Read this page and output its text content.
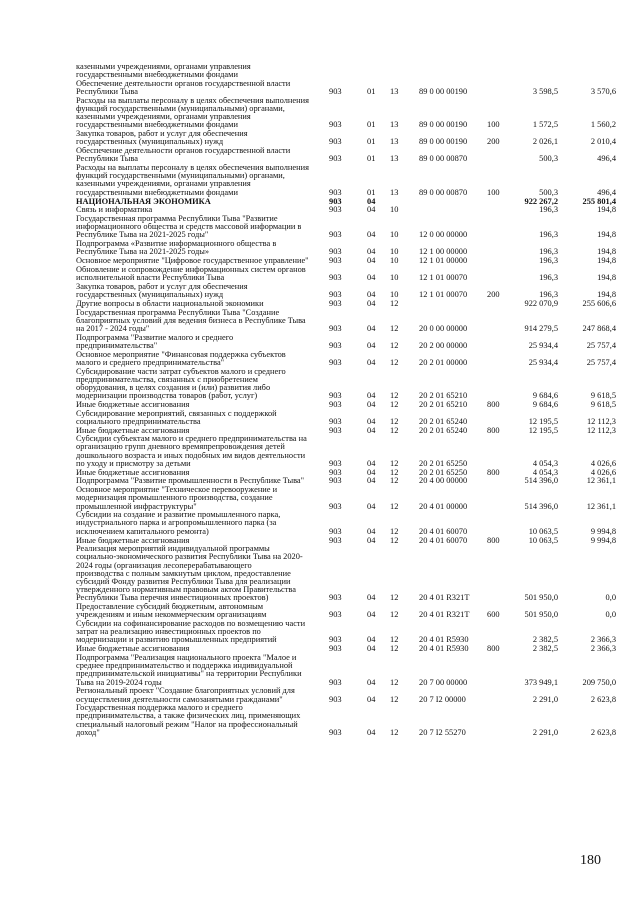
казенными учреждениями, органами управления
государственными внебюджетными фондами
Обеспечение деятельности органов государственной власти
Республики Тыва	903	01 13 89 0 00 00190	3 598,5	3 570,6
Расходы на выплаты персоналу в целях обеспечения выполнения
функций государственными (муниципальными) органами,
казенными учреждениями, органами управления
государственными внебюджетными фондами	903	01 13 89 0 00 00190 100	1 572,5	1 560,2
Закупка товаров, работ и услуг для обеспечения
государственных (муниципальных) нужд	903	01 13 89 0 00 00190 200	2 026,1	2 010,4
Обеспечение деятельности органов государственной власти
Республики Тыва	903	01 13 89 0 00 00870	500,3	496,4
Расходы на выплаты персоналу в целях обеспечения выполнения
функций государственными (муниципальными) органами,
казенными учреждениями, органами управления
государственными внебюджетными фондами	903	01 13 89 0 00 00870 100	500,3	496,4
НАЦИОНАЛЬНАЯ ЭКОНОМИКА	903	04	922 267,2	255 801,4
Связь и информатика	903	04 10	196,3	194,8
Государственная программа Республики Тыва "Развитие
информационного общества и средств массовой информации в
Республике Тыва на 2021-2025 годы"	903	04 10 12 0 00 00000	196,3	194,8
Подпрограмма «Развитие информационного общества в
Республике Тыва на 2021-2025 годы»	903	04 10 12 1 00 00000	196,3	194,8
Основное мероприятие "Цифровое государственное управление"	903	04 10 12 1 01 00000	196,3	194,8
Обновление и сопровождение информационных систем органов
исполнительной власти Республики Тыва	903	04 10 12 1 01 00070	196,3	194,8
Закупка товаров, работ и услуг для обеспечения
государственных (муниципальных) нужд	903	04 10 12 1 01 00070 200	196,3	194,8
Другие вопросы в области национальной экономики	903	04 12	922 070,9	255 606,6
Государственная программа Республики Тыва "Создание
благоприятных условий для ведения бизнеса в Республике Тыва
на 2017 - 2024 годы"	903	04 12 20 0 00 00000	914 279,5	247 868,4
Подпрограмма "Развитие малого и среднего
предпринимательства"	903	04 12 20 2 00 00000	25 934,4	25 757,4
Основное мероприятие "Финансовая поддержка субъектов
малого и среднего предпринимательства"	903	04 12 20 2 01 00000	25 934,4	25 757,4
Субсидирование части затрат субъектов малого и среднего
предпринимательства, связанных с приобретением
оборудования, в целях создания и (или) развития либо
модернизации производства товаров (работ, услуг)	903	04 12 20 2 01 65210	9 684,6	9 618,5
Иные бюджетные ассигнования	903	04 12 20 2 01 65210 800	9 684,6	9 618,5
Субсидирование мероприятий, связанных с поддержкой
социального предпринимательства	903	04 12 20 2 01 65240	12 195,5	12 112,3
Иные бюджетные ассигнования	903	04 12 20 2 01 65240 800	12 195,5	12 112,3
Субсидии субъектам малого и среднего предпринимательства на
организацию групп дневного времяпрепровождения детей
дошкольного возраста и иных подобных им видов деятельности
по уходу и присмотру за детьми	903	04 12 20 2 01 65250	4 054,3	4 026,6
Иные бюджетные ассигнования	903	04 12 20 2 01 65250 800	4 054,3	4 026,6
Подпрограмма "Развитие промышленности в Республике Тыва"	903	04 12 20 4 00 00000	514 396,0	12 361,1
Основное мероприятие "Техническое перевооружение и
модернизация промышленного производства, создание
промышленной инфраструктуры"	903	04 12 20 4 01 00000	514 396,0	12 361,1
Субсидии на создание и развитие промышленного парка,
индустриального парка и агропромышленного парка (за
исключением капитального ремонта)	903	04 12 20 4 01 60070	10 063,5	9 994,8
Иные бюджетные ассигнования	903	04 12 20 4 01 60070 800	10 063,5	9 994,8
Реализация мероприятий индивидуальной программы
социально-экономического развития Республики Тыва на 2020-
2024 годы (организация лесоперерабатывающего
производства с полным замкнутым циклом, предоставление
субсидий Фонду развития Республики Тыва для реализации
утвержденного нормативным правовым актом Правительства
Республики Тыва перечня инвестиционных проектов)	903	04 12 20 4 01 R321T	501 950,0	0,0
Предоставление субсидий бюджетным, автономным
учреждениям и иным некоммерческим организациям	903	04 12 20 4 01 R321T 600	501 950,0	0,0
Субсидии на софинансирование расходов по возмещению части
затрат на реализацию инвестиционных проектов по
модернизации и развитию промышленных предприятий	903	04 12 20 4 01 R5930	2 382,5	2 366,3
Иные бюджетные ассигнования	903	04 12 20 4 01 R5930 800	2 382,5	2 366,3
Подпрограмма "Реализация национального проекта "Малое и
среднее предпринимательство и поддержка индивидуальной
предпринимательской инициативы" на территории Республики
Тыва на 2019-2024 годы	903	04 12 20 7 00 00000	373 949,1	209 750,0
Региональный проект "Создание благоприятных условий для
осуществления деятельности самозанятыми гражданами"	903	04 12 20 7 I2 00000	2 291,0	2 623,8
Государственная поддержка малого и среднего
предпринимательства, а также физических лиц, применяющих
специальный налоговый режим "Налог на профессиональный
доход"	903	04 12 20 7 I2 55270	2 291,0	2 623,8
180
